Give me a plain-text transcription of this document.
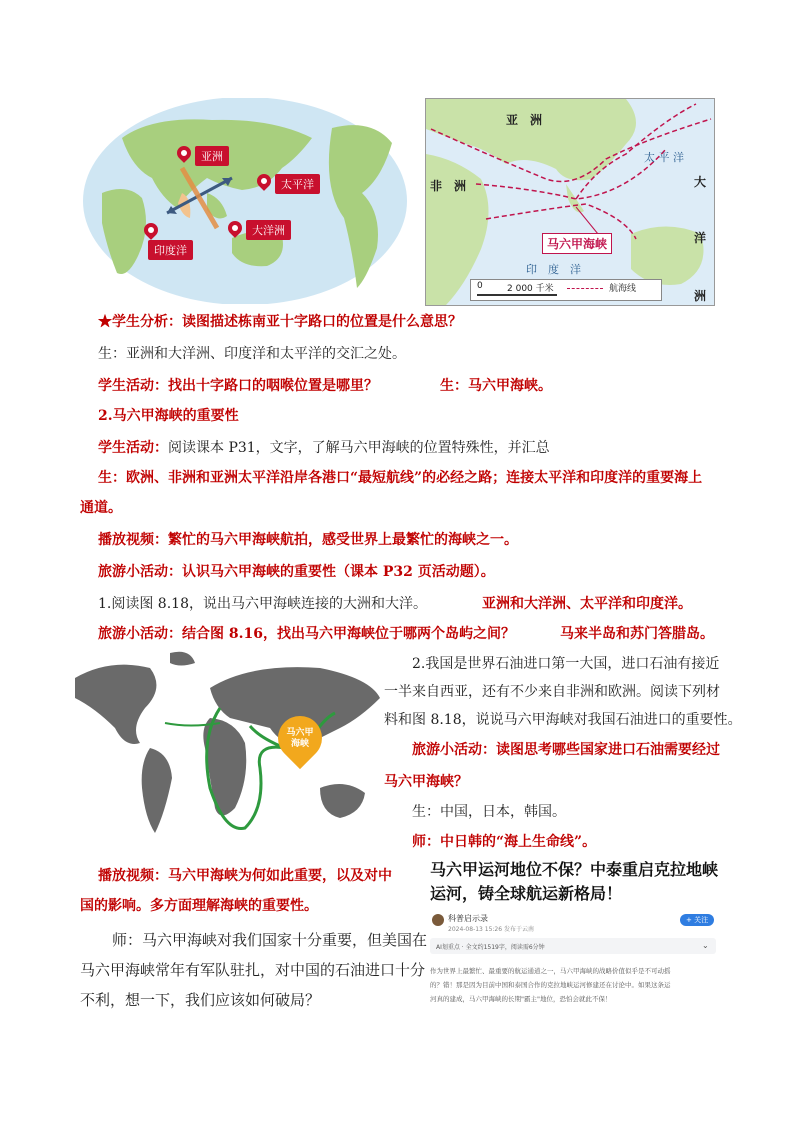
亚洲
太平洋
大洋洲
印度洋
亚　洲
非　洲
太 平 洋
大
洋
洲
马六甲海峡
印　度　洋
0	2 000 千米	航海线
★学生分析：读图描述栋南亚十字路口的位置是什么意思？
生：亚洲和大洋洲、印度洋和太平洋的交汇之处。
学生活动：找出十字路口的咽喉位置是哪里？	生：马六甲海峡。
2.马六甲海峡的重要性
学生活动：阅读课本 P31，文字，了解马六甲海峡的位置特殊性，并汇总
生：欧洲、非洲和亚洲太平洋沿岸各港口“最短航线”的必经之路；连接太平洋和印度洋的重要海上
通道。
播放视频：繁忙的马六甲海峡航拍，感受世界上最繁忙的海峡之一。
旅游小活动：认识马六甲海峡的重要性（课本 P32 页活动题）。
1.阅读图 8.18，说出马六甲海峡连接的大洲和大洋。	亚洲和大洋洲、太平洋和印度洋。
旅游小活动：结合图 8.16，找出马六甲海峡位于哪两个岛屿之间？	马来半岛和苏门答腊岛。
马六甲海峡
2.我国是世界石油进口第一大国，进口石油有接近
一半来自西亚，还有不少来自非洲和欧洲。阅读下列材
料和图 8.18，说说马六甲海峡对我国石油进口的重要性。
旅游小活动：读图思考哪些国家进口石油需要经过
马六甲海峡？
生：中国，日本，韩国。
师：中日韩的“海上生命线”。
播放视频：马六甲海峡为何如此重要，以及对中
国的影响。多方面理解海峡的重要性。
师：马六甲海峡对我们国家十分重要，但美国在
马六甲海峡常年有军队驻扎，对中国的石油进口十分
不利，想一下，我们应该如何破局？
马六甲运河地位不保？中泰重启克拉地峡
运河，铸全球航运新格局！
科普启示录
2024-08-13 15:26 发布于云南
+ 关注
AI划重点 · 全文约1519字，阅读需6分钟	⌄
作为世界上最繁忙、最重要的航运通道之一，马六甲海峡的战略价值似乎是不可动摇
的？错！那是因为目前中国和泰国合作的克拉地峡运河修建还在讨论中。如果这条运
河真的建成，马六甲海峡的长期"霸主"地位，恐怕会就此不保！
